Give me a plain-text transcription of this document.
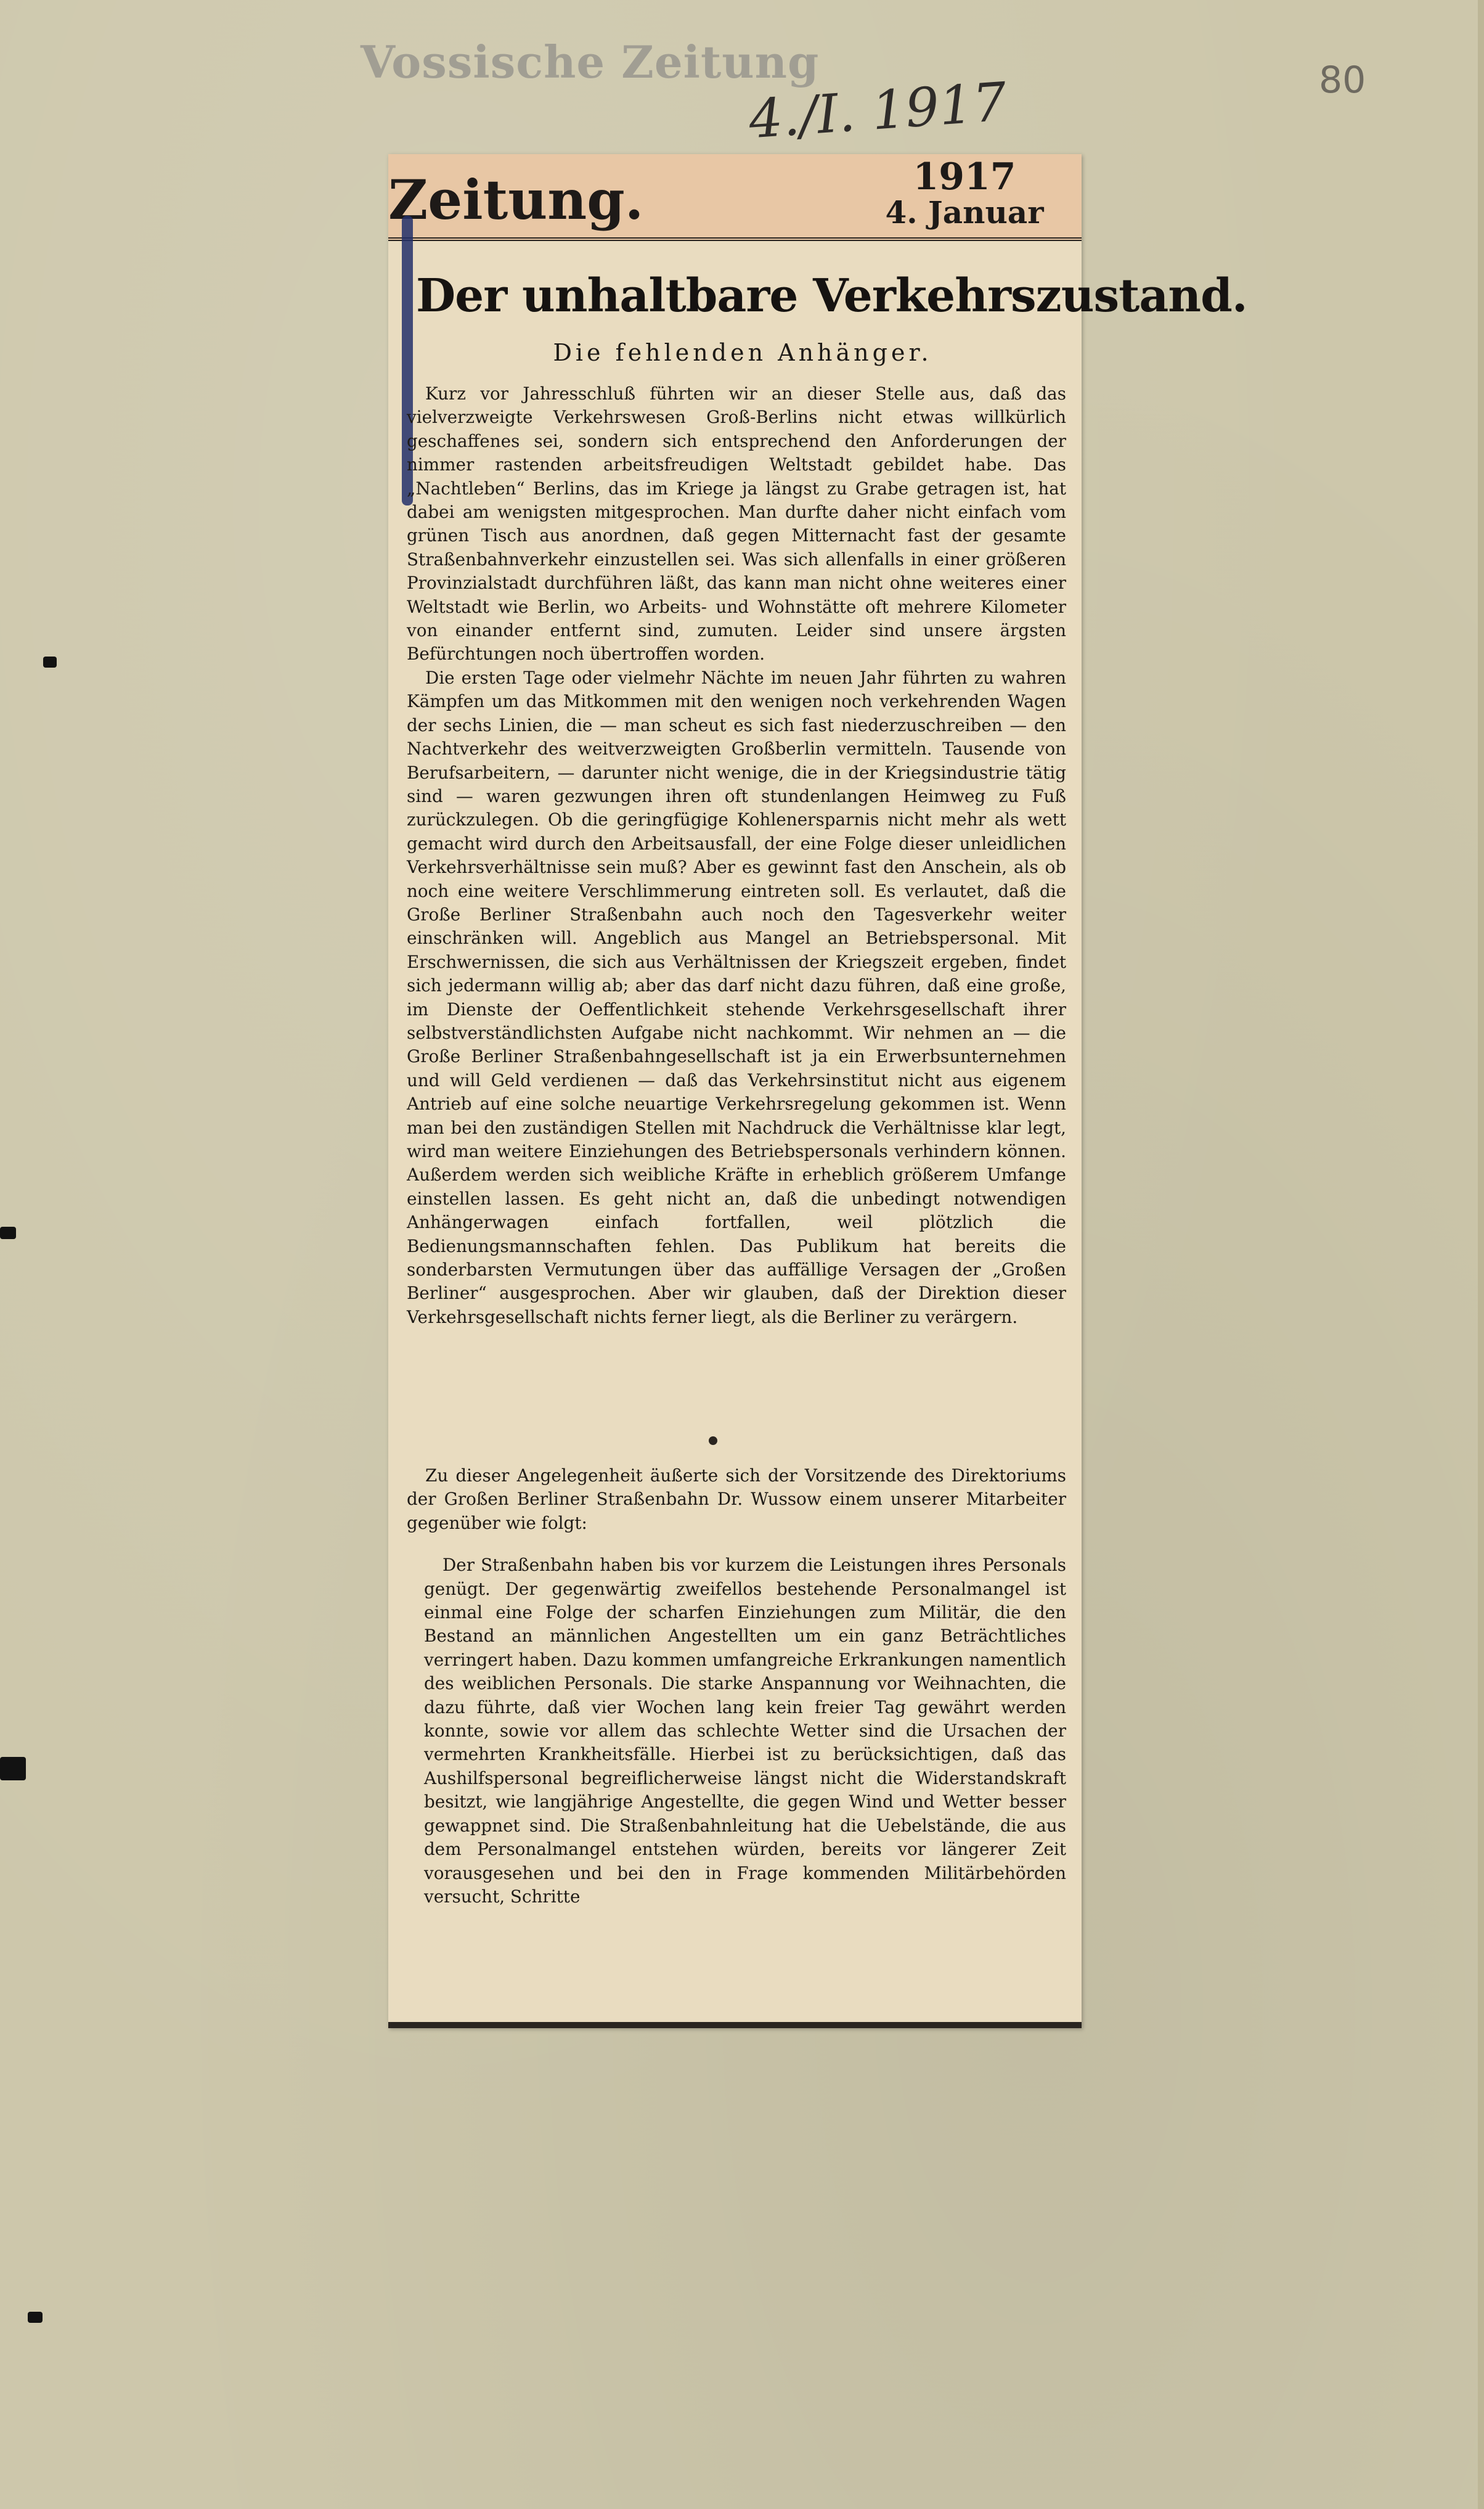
Vossische Zeitung
4./I. 1917	80
Zeitung.	1917
4. Januar
Der unhaltbare Verkehrszustand.
Die fehlenden Anhänger.

Kurz vor Jahresschluß führten wir an dieser Stelle aus, daß das vielverzweigte Verkehrswesen Groß-Berlins nicht etwas willkürlich geschaffenes sei, sondern sich entsprechend den Anforderungen der nimmer rastenden arbeitsfreudigen Weltstadt gebildet habe. Das „Nachtleben“ Berlins, das im Kriege ja längst zu Grabe getragen ist, hat dabei am wenigsten mitgesprochen. Man durfte daher nicht einfach vom grünen Tisch aus anordnen, daß gegen Mitternacht fast der gesamte Straßenbahnverkehr einzustellen sei. Was sich allenfalls in einer größeren Provinzialstadt durchführen läßt, das kann man nicht ohne weiteres einer Weltstadt wie Berlin, wo Arbeits- und Wohnstätte oft mehrere Kilometer von einander entfernt sind, zumuten. Leider sind unsere ärgsten Befürchtungen noch übertroffen worden.

Die ersten Tage oder vielmehr Nächte im neuen Jahr führten zu wahren Kämpfen um das Mitkommen mit den wenigen noch verkehrenden Wagen der sechs Linien, die — man scheut es sich fast niederzuschreiben — den Nachtverkehr des weitverzweigten Großberlin vermitteln. Tausende von Berufsarbeitern, — darunter nicht wenige, die in der Kriegsindustrie tätig sind — waren gezwungen ihren oft stundenlangen Heimweg zu Fuß zurückzulegen. Ob die geringfügige Kohlenersparnis nicht mehr als wett gemacht wird durch den Arbeitsausfall, der eine Folge dieser unleidlichen Verkehrsverhältnisse sein muß? Aber es gewinnt fast den Anschein, als ob noch eine weitere Verschlimmerung eintreten soll. Es verlautet, daß die Große Berliner Straßenbahn auch noch den Tagesverkehr weiter einschränken will. Angeblich aus Mangel an Betriebspersonal. Mit Erschwernissen, die sich aus Verhältnissen der Kriegszeit ergeben, findet sich jedermann willig ab; aber das darf nicht dazu führen, daß eine große, im Dienste der Oeffentlichkeit stehende Verkehrsgesellschaft ihrer selbstverständlichsten Aufgabe nicht nachkommt. Wir nehmen an — die Große Berliner Straßenbahngesellschaft ist ja ein Erwerbsunternehmen und will Geld verdienen — daß das Verkehrsinstitut nicht aus eigenem Antrieb auf eine solche neuartige Verkehrsregelung gekommen ist. Wenn man bei den zuständigen Stellen mit Nachdruck die Verhältnisse klar legt, wird man weitere Einziehungen des Betriebspersonals verhindern können. Außerdem werden sich weibliche Kräfte in erheblich größerem Umfange einstellen lassen. Es geht nicht an, daß die unbedingt notwendigen Anhängerwagen einfach fortfallen, weil plötzlich die Bedienungsmannschaften fehlen. Das Publikum hat bereits die sonderbarsten Vermutungen über das auffällige Versagen der „Großen Berliner“ ausgesprochen. Aber wir glauben, daß der Direktion dieser Verkehrsgesellschaft nichts ferner liegt, als die Berliner zu verärgern.

Zu dieser Angelegenheit äußerte sich der Vorsitzende des Direktoriums der Großen Berliner Straßenbahn Dr. Wussow einem unserer Mitarbeiter gegenüber wie folgt:

Der Straßenbahn haben bis vor kurzem die Leistungen ihres Personals genügt. Der gegenwärtig zweifellos bestehende Personalmangel ist einmal eine Folge der scharfen Einziehungen zum Militär, die den Bestand an männlichen Angestellten um ein ganz Beträchtliches verringert haben. Dazu kommen umfangreiche Erkrankungen namentlich des weiblichen Personals. Die starke Anspannung vor Weihnachten, die dazu führte, daß vier Wochen lang kein freier Tag gewährt werden konnte, sowie vor allem das schlechte Wetter sind die Ursachen der vermehrten Krankheitsfälle. Hierbei ist zu berücksichtigen, daß das Aushilfspersonal begreiflicherweise längst nicht die Widerstandskraft besitzt, wie langjährige Angestellte, die gegen Wind und Wetter besser gewappnet sind. Die Straßenbahnleitung hat die Uebelstände, die aus dem Personalmangel entstehen würden, bereits vor längerer Zeit vorausgesehen und bei den in Frage kommenden Militärbehörden versucht, Schritte
